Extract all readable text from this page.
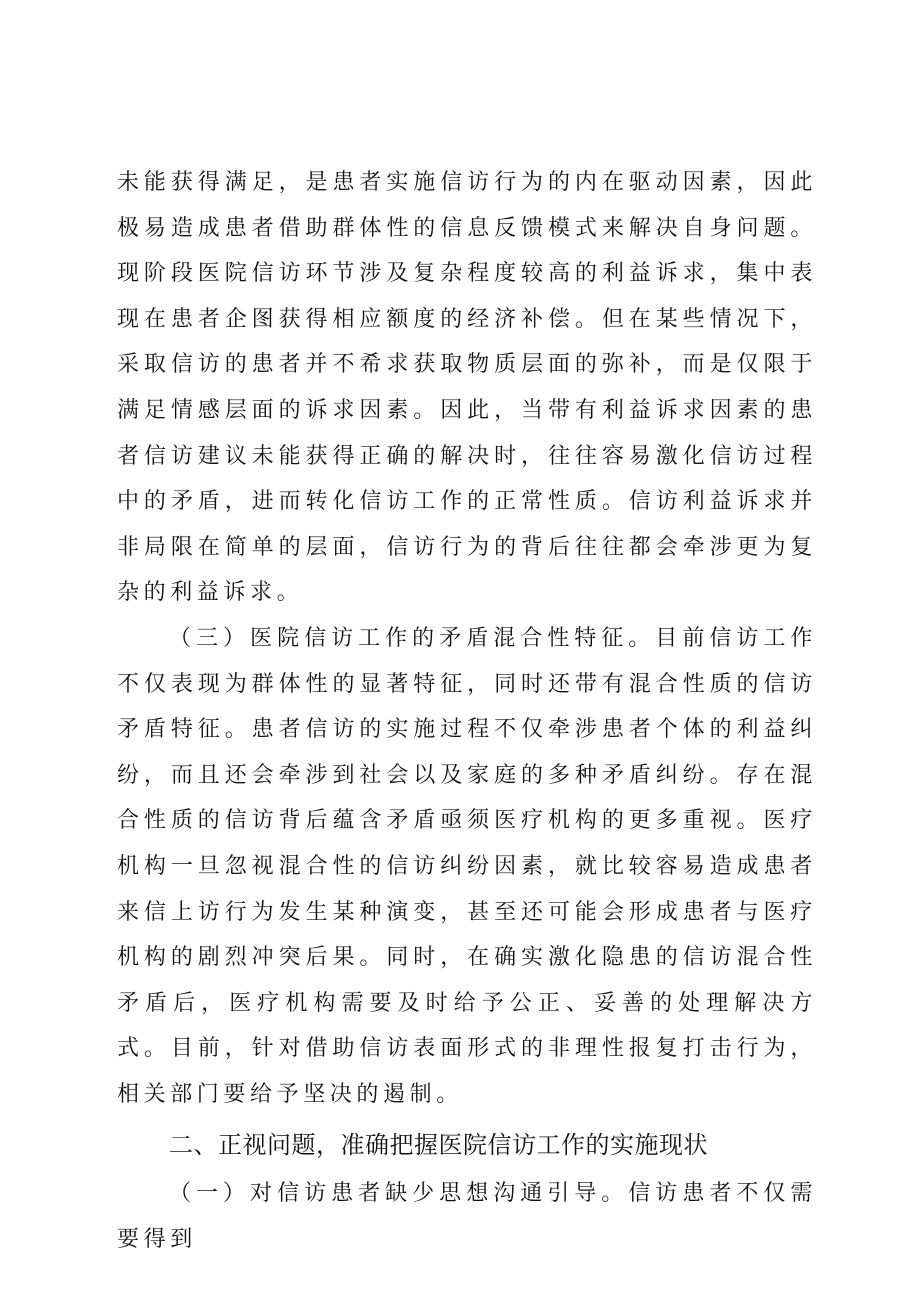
未能获得满足，是患者实施信访行为的内在驱动因素，因此极易造成患者借助群体性的信息反馈模式来解决自身问题。现阶段医院信访环节涉及复杂程度较高的利益诉求，集中表现在患者企图获得相应额度的经济补偿。但在某些情况下，采取信访的患者并不希求获取物质层面的弥补，而是仅限于满足情感层面的诉求因素。因此，当带有利益诉求因素的患者信访建议未能获得正确的解决时，往往容易激化信访过程中的矛盾，进而转化信访工作的正常性质。信访利益诉求并非局限在简单的层面，信访行为的背后往往都会牵涉更为复杂的利益诉求。

（三）医院信访工作的矛盾混合性特征。目前信访工作不仅表现为群体性的显著特征，同时还带有混合性质的信访矛盾特征。患者信访的实施过程不仅牵涉患者个体的利益纠纷，而且还会牵涉到社会以及家庭的多种矛盾纠纷。存在混合性质的信访背后蕴含矛盾亟须医疗机构的更多重视。医疗机构一旦忽视混合性的信访纠纷因素，就比较容易造成患者来信上访行为发生某种演变，甚至还可能会形成患者与医疗机构的剧烈冲突后果。同时，在确实激化隐患的信访混合性矛盾后，医疗机构需要及时给予公正、妥善的处理解决方式。目前，针对借助信访表面形式的非理性报复打击行为，相关部门要给予坚决的遏制。

二、正视问题，准确把握医院信访工作的实施现状

（一）对信访患者缺少思想沟通引导。信访患者不仅需要得到
